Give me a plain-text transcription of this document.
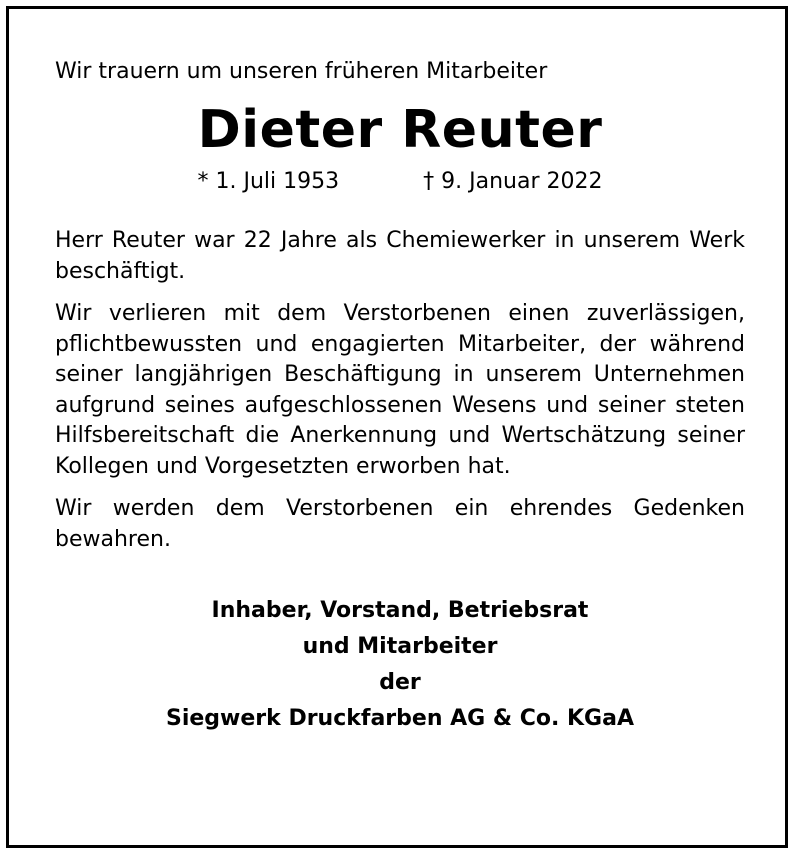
Wir trauern um unseren früheren Mitarbeiter

Dieter Reuter
* 1. Juli 1953	† 9. Januar 2022

Herr Reuter war 22 Jahre als Chemiewerker in unserem Werk beschäftigt.

Wir verlieren mit dem Verstorbenen einen zuverlässigen, pflichtbewussten und engagierten Mitarbeiter, der während seiner langjährigen Beschäftigung in unserem Unternehmen aufgrund seines aufgeschlossenen Wesens und seiner steten Hilfsbereitschaft die Anerkennung und Wertschätzung seiner Kollegen und Vorgesetzten erworben hat.

Wir werden dem Verstorbenen ein ehrendes Gedenken bewahren.

Inhaber, Vorstand, Betriebsrat
und Mitarbeiter
der
Siegwerk Druckfarben AG & Co. KGaA
